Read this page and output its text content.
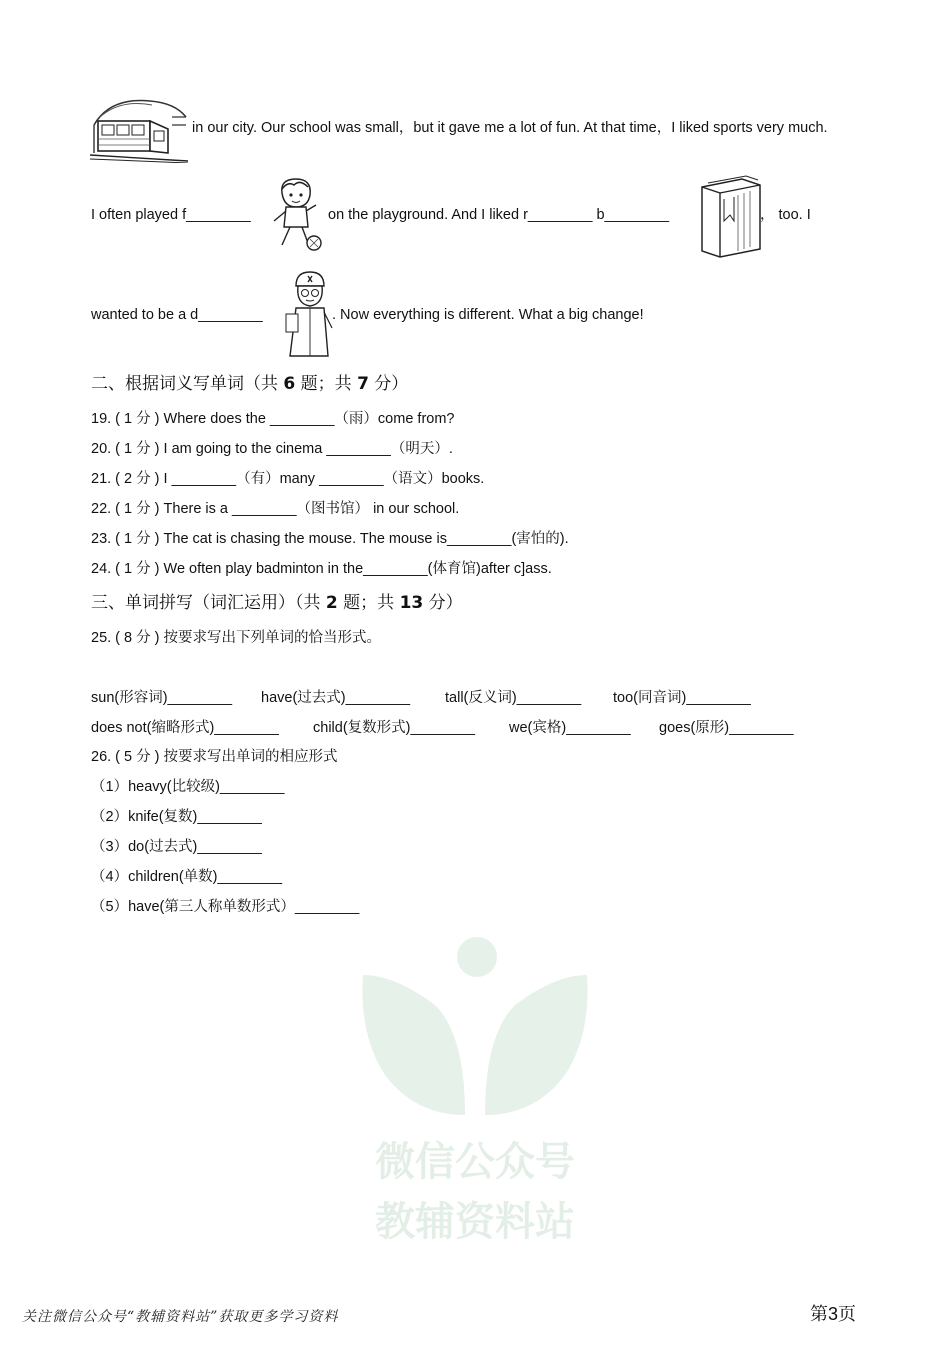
in our city. Our school was small，but it gave me a lot of fun. At that time，I liked sports very much.
I often played f________	on the playground. And I liked r________ b________	， too. I
wanted to be a d________	. Now everything is different. What a big change!
二、根据词义写单词（共 6 题；共 7 分）
19. ( 1 分 ) Where does the ________（雨）come from?
20. ( 1 分 ) I am going to the cinema ________（明天）.
21. ( 2 分 ) I ________（有）many ________（语文）books.
22. ( 1 分 ) There is a ________（图书馆） in our school.
23. ( 1 分 ) The cat is chasing the mouse. The mouse is________(害怕的).
24. ( 1 分 ) We often play badminton in the________(体育馆)after c]ass.
三、单词拼写（词汇运用）（共 2 题；共 13 分）
25. ( 8 分 ) 按要求写出下列单词的恰当形式。
sun(形容词)________ have(过去式)________ tall(反义词)________ too(同音词)________
does not(缩略形式)________ child(复数形式)________ we(宾格)________ goes(原形)________
26. ( 5 分 ) 按要求写出单词的相应形式
（1）heavy(比较级)________
（2）knife(复数)________
（3）do(过去式)________
（4）children(单数)________
（5）have(第三人称单数形式）________
微信公众号
教辅资料站
关注微信公众号“教辅资料站”获取更多学习资料	第3页
